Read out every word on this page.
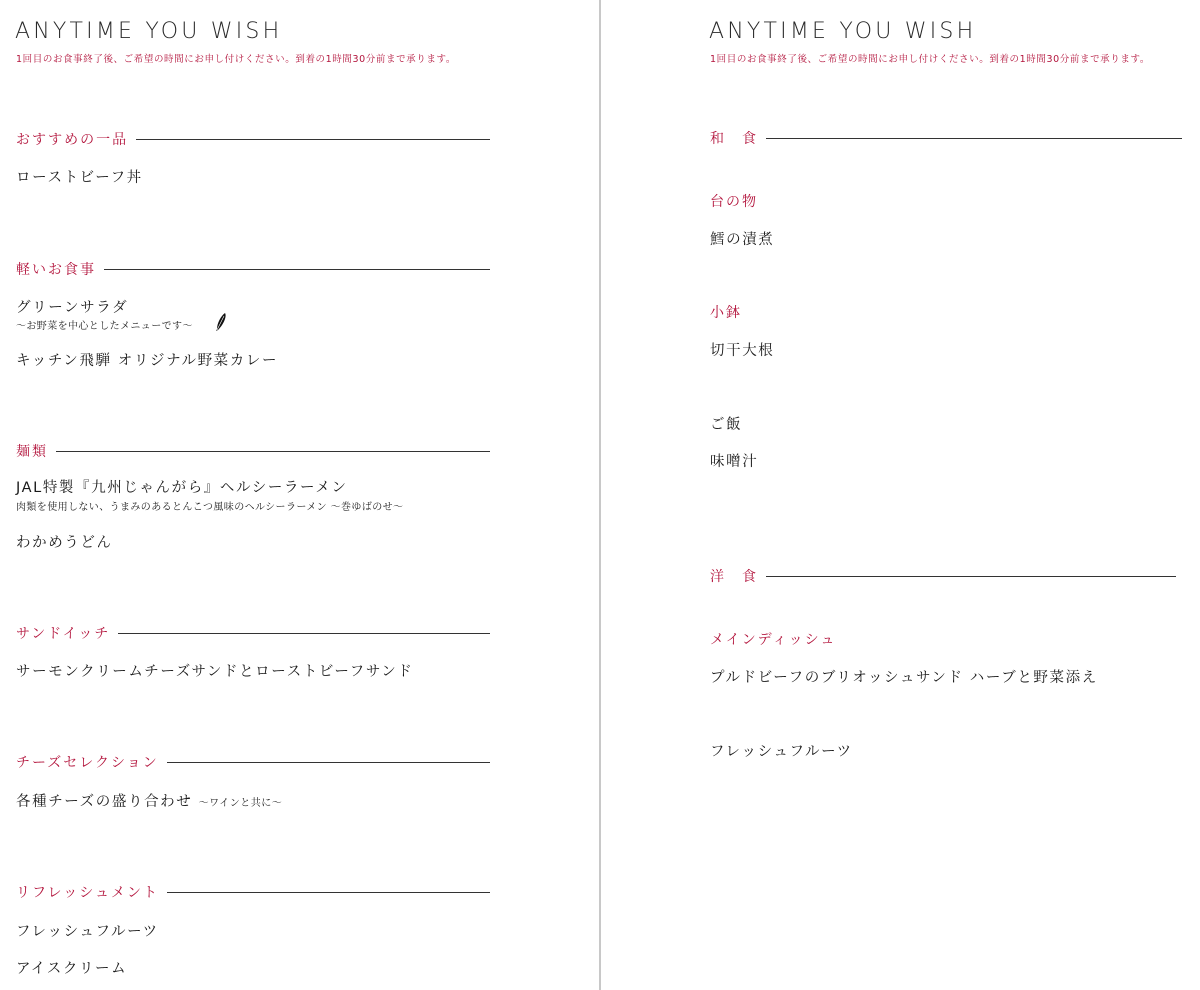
ANYTIME YOU WISH
1回目のお食事終了後、ご希望の時間にお申し付けください。到着の1時間30分前まで承ります。
おすすめの一品
ローストビーフ丼
軽いお食事
グリーンサラダ
～お野菜を中心としたメニューです～
キッチン飛騨 オリジナル野菜カレー
麺類
JAL特製『九州じゃんがら』ヘルシーラーメン
肉類を使用しない、うまみのあるとんこつ風味のヘルシーラーメン ～巻ゆばのせ～
わかめうどん
サンドイッチ
サーモンクリームチーズサンドとローストビーフサンド
チーズセレクション
各種チーズの盛り合わせ ～ワインと共に～
リフレッシュメント
フレッシュフルーツ
アイスクリーム
ANYTIME YOU WISH
1回目のお食事終了後、ご希望の時間にお申し付けください。到着の1時間30分前まで承ります。
和　食
台の物
鱈の漬煮
小鉢
切干大根
ご飯
味噌汁
洋　食
メインディッシュ
プルドビーフのブリオッシュサンド ハーブと野菜添え
フレッシュフルーツ
